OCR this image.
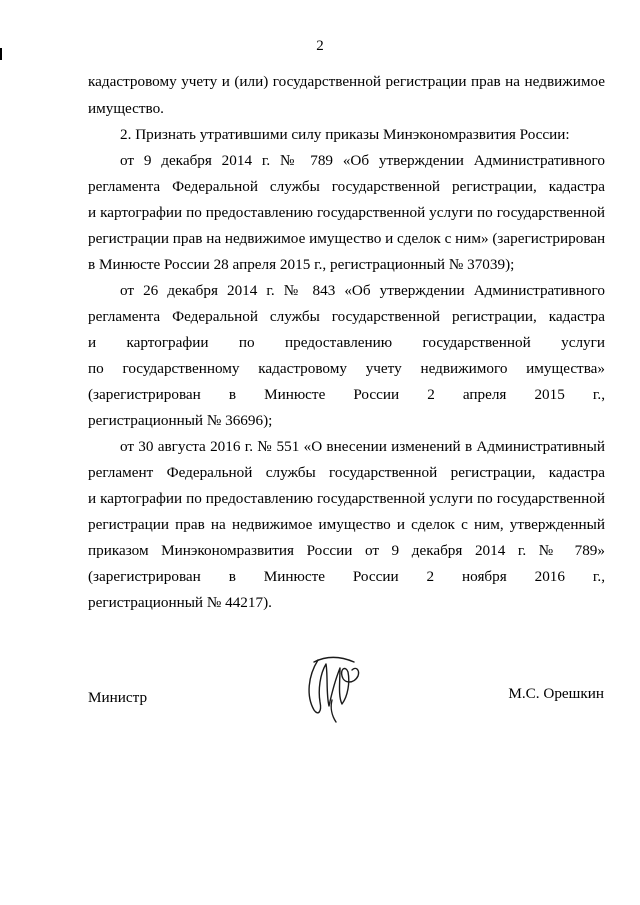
2
кадастровому учету и (или) государственной регистрации прав на недвижимое
имущество.
2. Признать утратившими силу приказы Минэкономразвития России:
от 9 декабря 2014 г. № 789 «Об утверждении Административного
регламента Федеральной службы государственной регистрации, кадастра
и картографии по предоставлению государственной услуги по государственной
регистрации прав на недвижимое имущество и сделок с ним» (зарегистрирован
в Минюсте России 28 апреля 2015 г., регистрационный № 37039);
от 26 декабря 2014 г. № 843 «Об утверждении Административного
регламента Федеральной службы государственной регистрации, кадастра
и картографии по предоставлению государственной услуги
по государственному кадастровому учету недвижимого имущества»
(зарегистрирован в Минюсте России 2 апреля 2015 г.,
регистрационный № 36696);
от 30 августа 2016 г. № 551 «О внесении изменений в Административный
регламент Федеральной службы государственной регистрации, кадастра
и картографии по предоставлению государственной услуги по государственной
регистрации прав на недвижимое имущество и сделок с ним, утвержденный
приказом Минэкономразвития России от 9 декабря 2014 г. № 789»
(зарегистрирован в Минюсте России 2 ноября 2016 г.,
регистрационный № 44217).
Министр	М.С. Орешкин
